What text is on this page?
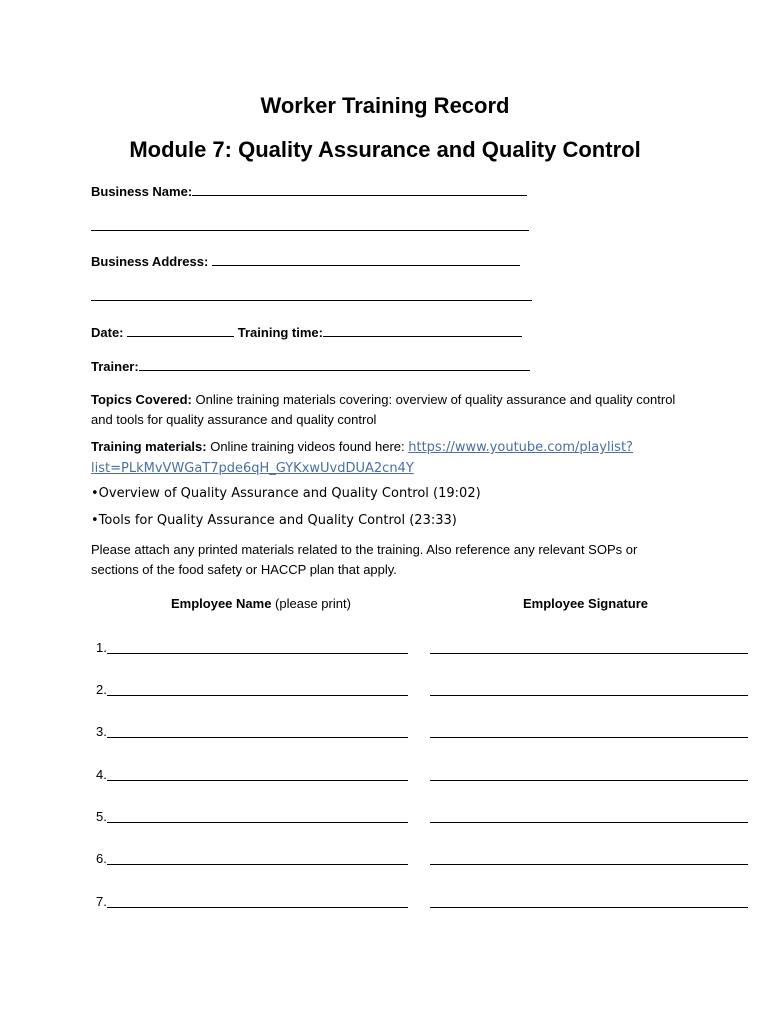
Worker Training Record
Module 7: Quality Assurance and Quality Control
Business Name:
Business Address:
Date:	Training time:
Trainer:
Topics Covered: Online training materials covering: overview of quality assurance and quality control and tools for quality assurance and quality control
Training materials: Online training videos found here: https://www.youtube.com/playlist?
list=PLkMvVWGaT7pde6qH_GYKxwUvdDUA2cn4Y
•Overview of Quality Assurance and Quality Control (19:02)
•Tools for Quality Assurance and Quality Control (23:33)
Please attach any printed materials related to the training. Also reference any relevant SOPs or sections of the food safety or HACCP plan that apply.
Employee Name (please print)	Employee Signature
1.
2.
3.
4.
5.
6.
7.
